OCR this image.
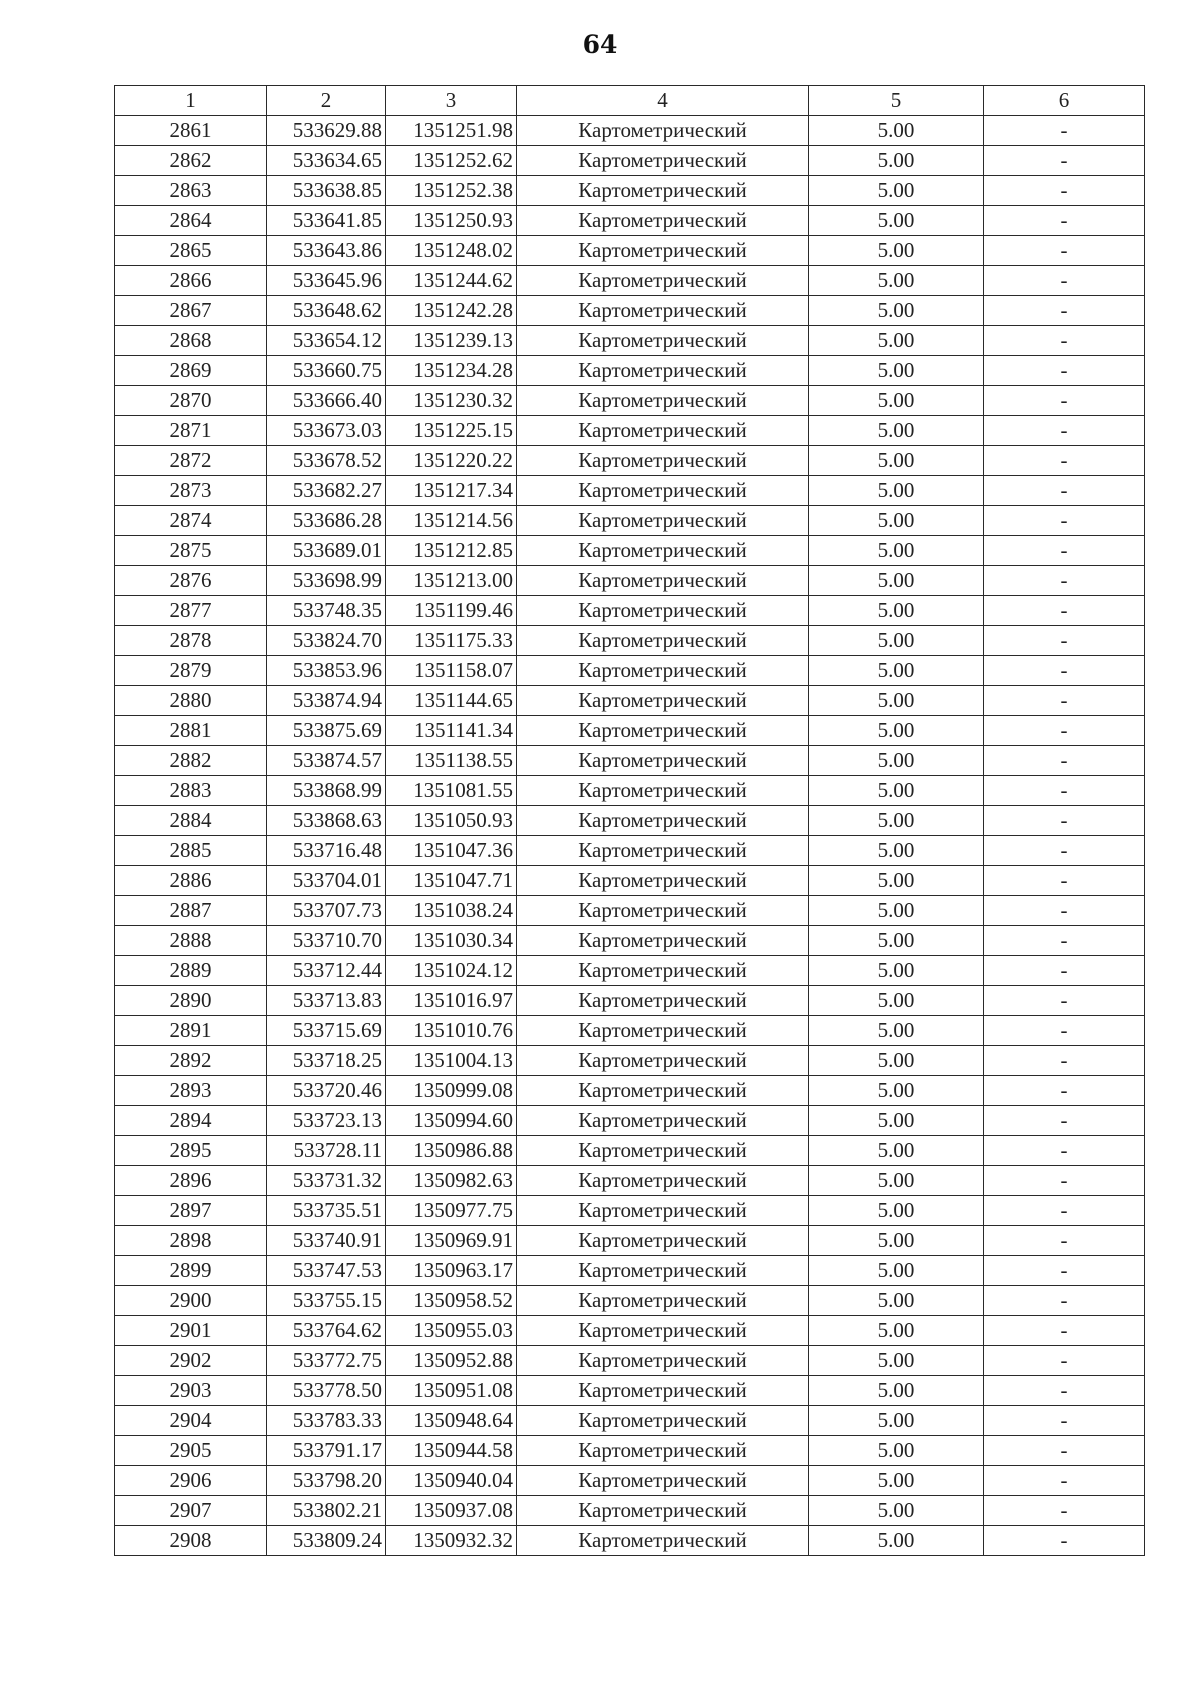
64
1	2	3	4	5	6
2861	533629.88	1351251.98	Картометрический	5.00	-
2862	533634.65	1351252.62	Картометрический	5.00	-
2863	533638.85	1351252.38	Картометрический	5.00	-
2864	533641.85	1351250.93	Картометрический	5.00	-
2865	533643.86	1351248.02	Картометрический	5.00	-
2866	533645.96	1351244.62	Картометрический	5.00	-
2867	533648.62	1351242.28	Картометрический	5.00	-
2868	533654.12	1351239.13	Картометрический	5.00	-
2869	533660.75	1351234.28	Картометрический	5.00	-
2870	533666.40	1351230.32	Картометрический	5.00	-
2871	533673.03	1351225.15	Картометрический	5.00	-
2872	533678.52	1351220.22	Картометрический	5.00	-
2873	533682.27	1351217.34	Картометрический	5.00	-
2874	533686.28	1351214.56	Картометрический	5.00	-
2875	533689.01	1351212.85	Картометрический	5.00	-
2876	533698.99	1351213.00	Картометрический	5.00	-
2877	533748.35	1351199.46	Картометрический	5.00	-
2878	533824.70	1351175.33	Картометрический	5.00	-
2879	533853.96	1351158.07	Картометрический	5.00	-
2880	533874.94	1351144.65	Картометрический	5.00	-
2881	533875.69	1351141.34	Картометрический	5.00	-
2882	533874.57	1351138.55	Картометрический	5.00	-
2883	533868.99	1351081.55	Картометрический	5.00	-
2884	533868.63	1351050.93	Картометрический	5.00	-
2885	533716.48	1351047.36	Картометрический	5.00	-
2886	533704.01	1351047.71	Картометрический	5.00	-
2887	533707.73	1351038.24	Картометрический	5.00	-
2888	533710.70	1351030.34	Картометрический	5.00	-
2889	533712.44	1351024.12	Картометрический	5.00	-
2890	533713.83	1351016.97	Картометрический	5.00	-
2891	533715.69	1351010.76	Картометрический	5.00	-
2892	533718.25	1351004.13	Картометрический	5.00	-
2893	533720.46	1350999.08	Картометрический	5.00	-
2894	533723.13	1350994.60	Картометрический	5.00	-
2895	533728.11	1350986.88	Картометрический	5.00	-
2896	533731.32	1350982.63	Картометрический	5.00	-
2897	533735.51	1350977.75	Картометрический	5.00	-
2898	533740.91	1350969.91	Картометрический	5.00	-
2899	533747.53	1350963.17	Картометрический	5.00	-
2900	533755.15	1350958.52	Картометрический	5.00	-
2901	533764.62	1350955.03	Картометрический	5.00	-
2902	533772.75	1350952.88	Картометрический	5.00	-
2903	533778.50	1350951.08	Картометрический	5.00	-
2904	533783.33	1350948.64	Картометрический	5.00	-
2905	533791.17	1350944.58	Картометрический	5.00	-
2906	533798.20	1350940.04	Картометрический	5.00	-
2907	533802.21	1350937.08	Картометрический	5.00	-
2908	533809.24	1350932.32	Картометрический	5.00	-
